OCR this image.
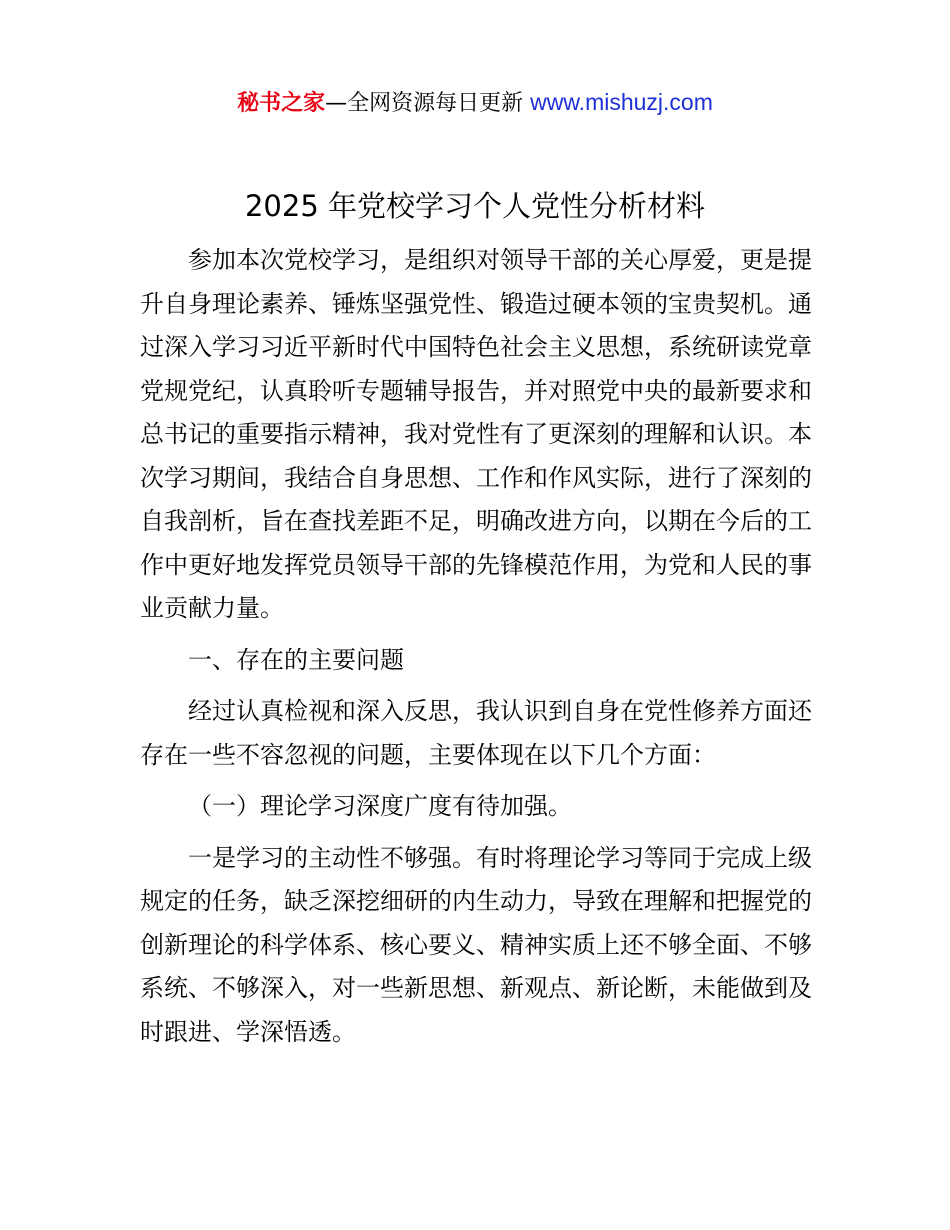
秘书之家—全网资源每日更新 www.mishuzj.com
2025 年党校学习个人党性分析材料

参加本次党校学习，是组织对领导干部的关心厚爱，更是提升自身理论素养、锤炼坚强党性、锻造过硬本领的宝贵契机。通过深入学习习近平新时代中国特色社会主义思想，系统研读党章党规党纪，认真聆听专题辅导报告，并对照党中央的最新要求和总书记的重要指示精神，我对党性有了更深刻的理解和认识。本次学习期间，我结合自身思想、工作和作风实际，进行了深刻的自我剖析，旨在查找差距不足，明确改进方向，以期在今后的工作中更好地发挥党员领导干部的先锋模范作用，为党和人民的事业贡献力量。

一、存在的主要问题

经过认真检视和深入反思，我认识到自身在党性修养方面还存在一些不容忽视的问题，主要体现在以下几个方面：

（一）理论学习深度广度有待加强。

一是学习的主动性不够强。有时将理论学习等同于完成上级规定的任务，缺乏深挖细研的内生动力，导致在理解和把握党的创新理论的科学体系、核心要义、精神实质上还不够全面、不够系统、不够深入，对一些新思想、新观点、新论断，未能做到及时跟进、学深悟透。
